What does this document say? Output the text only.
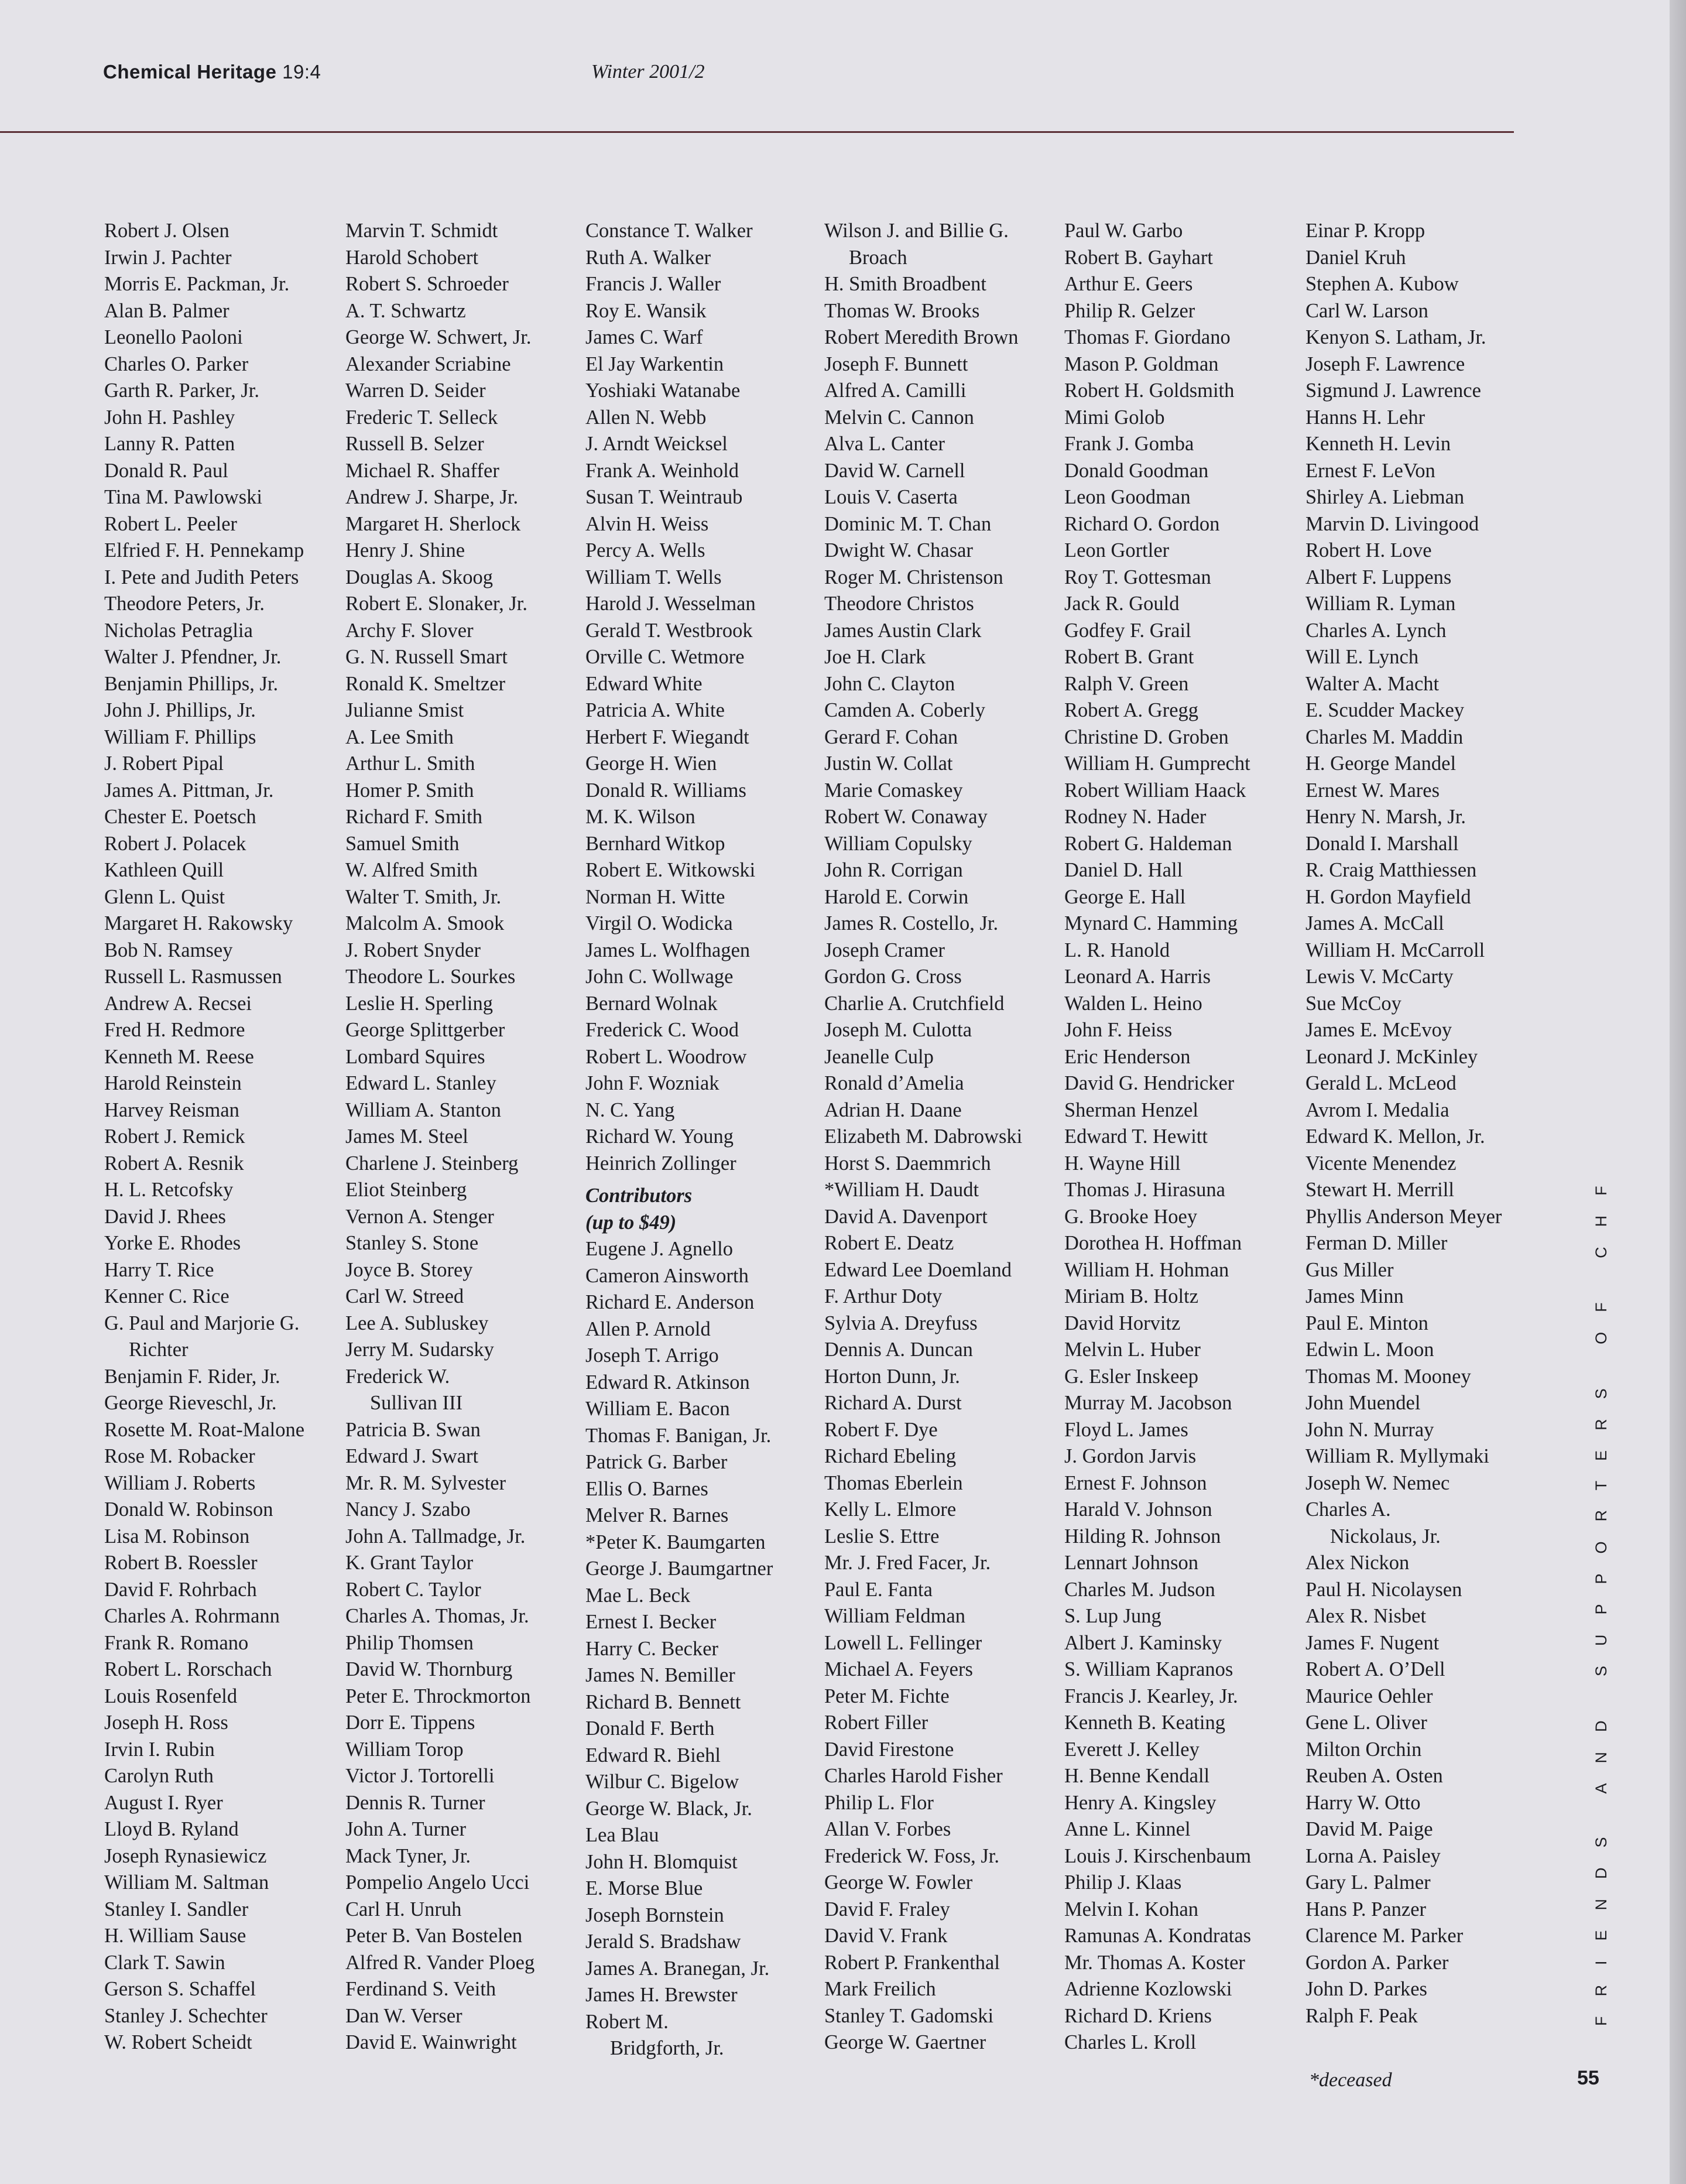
Chemical Heritage 19:4	Winter 2001/2
Robert J. Olsen
Irwin J. Pachter
Morris E. Packman, Jr.
Alan B. Palmer
Leonello Paoloni
Charles O. Parker
Garth R. Parker, Jr.
John H. Pashley
Lanny R. Patten
Donald R. Paul
Tina M. Pawlowski
Robert L. Peeler
Elfried F. H. Pennekamp
I. Pete and Judith Peters
Theodore Peters, Jr.
Nicholas Petraglia
Walter J. Pfendner, Jr.
Benjamin Phillips, Jr.
John J. Phillips, Jr.
William F. Phillips
J. Robert Pipal
James A. Pittman, Jr.
Chester E. Poetsch
Robert J. Polacek
Kathleen Quill
Glenn L. Quist
Margaret H. Rakowsky
Bob N. Ramsey
Russell L. Rasmussen
Andrew A. Recsei
Fred H. Redmore
Kenneth M. Reese
Harold Reinstein
Harvey Reisman
Robert J. Remick
Robert A. Resnik
H. L. Retcofsky
David J. Rhees
Yorke E. Rhodes
Harry T. Rice
Kenner C. Rice
G. Paul and Marjorie G.
Richter
Benjamin F. Rider, Jr.
George Rieveschl, Jr.
Rosette M. Roat-Malone
Rose M. Robacker
William J. Roberts
Donald W. Robinson
Lisa M. Robinson
Robert B. Roessler
David F. Rohrbach
Charles A. Rohrmann
Frank R. Romano
Robert L. Rorschach
Louis Rosenfeld
Joseph H. Ross
Irvin I. Rubin
Carolyn Ruth
August I. Ryer
Lloyd B. Ryland
Joseph Rynasiewicz
William M. Saltman
Stanley I. Sandler
H. William Sause
Clark T. Sawin
Gerson S. Schaffel
Stanley J. Schechter
W. Robert Scheidt
Marvin T. Schmidt
Harold Schobert
Robert S. Schroeder
A. T. Schwartz
George W. Schwert, Jr.
Alexander Scriabine
Warren D. Seider
Frederic T. Selleck
Russell B. Selzer
Michael R. Shaffer
Andrew J. Sharpe, Jr.
Margaret H. Sherlock
Henry J. Shine
Douglas A. Skoog
Robert E. Slonaker, Jr.
Archy F. Slover
G. N. Russell Smart
Ronald K. Smeltzer
Julianne Smist
A. Lee Smith
Arthur L. Smith
Homer P. Smith
Richard F. Smith
Samuel Smith
W. Alfred Smith
Walter T. Smith, Jr.
Malcolm A. Smook
J. Robert Snyder
Theodore L. Sourkes
Leslie H. Sperling
George Splittgerber
Lombard Squires
Edward L. Stanley
William A. Stanton
James M. Steel
Charlene J. Steinberg
Eliot Steinberg
Vernon A. Stenger
Stanley S. Stone
Joyce B. Storey
Carl W. Streed
Lee A. Subluskey
Jerry M. Sudarsky
Frederick W.
Sullivan III
Patricia B. Swan
Edward J. Swart
Mr. R. M. Sylvester
Nancy J. Szabo
John A. Tallmadge, Jr.
K. Grant Taylor
Robert C. Taylor
Charles A. Thomas, Jr.
Philip Thomsen
David W. Thornburg
Peter E. Throckmorton
Dorr E. Tippens
William Torop
Victor J. Tortorelli
Dennis R. Turner
John A. Turner
Mack Tyner, Jr.
Pompelio Angelo Ucci
Carl H. Unruh
Peter B. Van Bostelen
Alfred R. Vander Ploeg
Ferdinand S. Veith
Dan W. Verser
David E. Wainwright
Constance T. Walker
Ruth A. Walker
Francis J. Waller
Roy E. Wansik
James C. Warf
El Jay Warkentin
Yoshiaki Watanabe
Allen N. Webb
J. Arndt Weicksel
Frank A. Weinhold
Susan T. Weintraub
Alvin H. Weiss
Percy A. Wells
William T. Wells
Harold J. Wesselman
Gerald T. Westbrook
Orville C. Wetmore
Edward White
Patricia A. White
Herbert F. Wiegandt
George H. Wien
Donald R. Williams
M. K. Wilson
Bernhard Witkop
Robert E. Witkowski
Norman H. Witte
Virgil O. Wodicka
James L. Wolfhagen
John C. Wollwage
Bernard Wolnak
Frederick C. Wood
Robert L. Woodrow
John F. Wozniak
N. C. Yang
Richard W. Young
Heinrich Zollinger
Contributors
(up to $49)
Eugene J. Agnello
Cameron Ainsworth
Richard E. Anderson
Allen P. Arnold
Joseph T. Arrigo
Edward R. Atkinson
William E. Bacon
Thomas F. Banigan, Jr.
Patrick G. Barber
Ellis O. Barnes
Melver R. Barnes
*Peter K. Baumgarten
George J. Baumgartner
Mae L. Beck
Ernest I. Becker
Harry C. Becker
James N. Bemiller
Richard B. Bennett
Donald F. Berth
Edward R. Biehl
Wilbur C. Bigelow
George W. Black, Jr.
Lea Blau
John H. Blomquist
E. Morse Blue
Joseph Bornstein
Jerald S. Bradshaw
James A. Branegan, Jr.
James H. Brewster
Robert M.
Bridgforth, Jr.
Wilson J. and Billie G.
Broach
H. Smith Broadbent
Thomas W. Brooks
Robert Meredith Brown
Joseph F. Bunnett
Alfred A. Camilli
Melvin C. Cannon
Alva L. Canter
David W. Carnell
Louis V. Caserta
Dominic M. T. Chan
Dwight W. Chasar
Roger M. Christenson
Theodore Christos
James Austin Clark
Joe H. Clark
John C. Clayton
Camden A. Coberly
Gerard F. Cohan
Justin W. Collat
Marie Comaskey
Robert W. Conaway
William Copulsky
John R. Corrigan
Harold E. Corwin
James R. Costello, Jr.
Joseph Cramer
Gordon G. Cross
Charlie A. Crutchfield
Joseph M. Culotta
Jeanelle Culp
Ronald d’Amelia
Adrian H. Daane
Elizabeth M. Dabrowski
Horst S. Daemmrich
*William H. Daudt
David A. Davenport
Robert E. Deatz
Edward Lee Doemland
F. Arthur Doty
Sylvia A. Dreyfuss
Dennis A. Duncan
Horton Dunn, Jr.
Richard A. Durst
Robert F. Dye
Richard Ebeling
Thomas Eberlein
Kelly L. Elmore
Leslie S. Ettre
Mr. J. Fred Facer, Jr.
Paul E. Fanta
William Feldman
Lowell L. Fellinger
Michael A. Feyers
Peter M. Fichte
Robert Filler
David Firestone
Charles Harold Fisher
Philip L. Flor
Allan V. Forbes
Frederick W. Foss, Jr.
George W. Fowler
David F. Fraley
David V. Frank
Robert P. Frankenthal
Mark Freilich
Stanley T. Gadomski
George W. Gaertner
Paul W. Garbo
Robert B. Gayhart
Arthur E. Geers
Philip R. Gelzer
Thomas F. Giordano
Mason P. Goldman
Robert H. Goldsmith
Mimi Golob
Frank J. Gomba
Donald Goodman
Leon Goodman
Richard O. Gordon
Leon Gortler
Roy T. Gottesman
Jack R. Gould
Godfey F. Grail
Robert B. Grant
Ralph V. Green
Robert A. Gregg
Christine D. Groben
William H. Gumprecht
Robert William Haack
Rodney N. Hader
Robert G. Haldeman
Daniel D. Hall
George E. Hall
Mynard C. Hamming
L. R. Hanold
Leonard A. Harris
Walden L. Heino
John F. Heiss
Eric Henderson
David G. Hendricker
Sherman Henzel
Edward T. Hewitt
H. Wayne Hill
Thomas J. Hirasuna
G. Brooke Hoey
Dorothea H. Hoffman
William H. Hohman
Miriam B. Holtz
David Horvitz
Melvin L. Huber
G. Esler Inskeep
Murray M. Jacobson
Floyd L. James
J. Gordon Jarvis
Ernest F. Johnson
Harald V. Johnson
Hilding R. Johnson
Lennart Johnson
Charles M. Judson
S. Lup Jung
Albert J. Kaminsky
S. William Kapranos
Francis J. Kearley, Jr.
Kenneth B. Keating
Everett J. Kelley
H. Benne Kendall
Henry A. Kingsley
Anne L. Kinnel
Louis J. Kirschenbaum
Philip J. Klaas
Melvin I. Kohan
Ramunas A. Kondratas
Mr. Thomas A. Koster
Adrienne Kozlowski
Richard D. Kriens
Charles L. Kroll
Einar P. Kropp
Daniel Kruh
Stephen A. Kubow
Carl W. Larson
Kenyon S. Latham, Jr.
Joseph F. Lawrence
Sigmund J. Lawrence
Hanns H. Lehr
Kenneth H. Levin
Ernest F. LeVon
Shirley A. Liebman
Marvin D. Livingood
Robert H. Love
Albert F. Luppens
William R. Lyman
Charles A. Lynch
Will E. Lynch
Walter A. Macht
E. Scudder Mackey
Charles M. Maddin
H. George Mandel
Ernest W. Mares
Henry N. Marsh, Jr.
Donald I. Marshall
R. Craig Matthiessen
H. Gordon Mayfield
James A. McCall
William H. McCarroll
Lewis V. McCarty
Sue McCoy
James E. McEvoy
Leonard J. McKinley
Gerald L. McLeod
Avrom I. Medalia
Edward K. Mellon, Jr.
Vicente Menendez
Stewart H. Merrill
Phyllis Anderson Meyer
Ferman D. Miller
Gus Miller
James Minn
Paul E. Minton
Edwin L. Moon
Thomas M. Mooney
John Muendel
John N. Murray
William R. Myllymaki
Joseph W. Nemec
Charles A.
Nickolaus, Jr.
Alex Nickon
Paul H. Nicolaysen
Alex R. Nisbet
James F. Nugent
Robert A. O’Dell
Maurice Oehler
Gene L. Oliver
Milton Orchin
Reuben A. Osten
Harry W. Otto
David M. Paige
Lorna A. Paisley
Gary L. Palmer
Hans P. Panzer
Clarence M. Parker
Gordon A. Parker
John D. Parkes
Ralph F. Peak	FRIENDS AND SUPPORTERS OF CHF
*deceased	55
